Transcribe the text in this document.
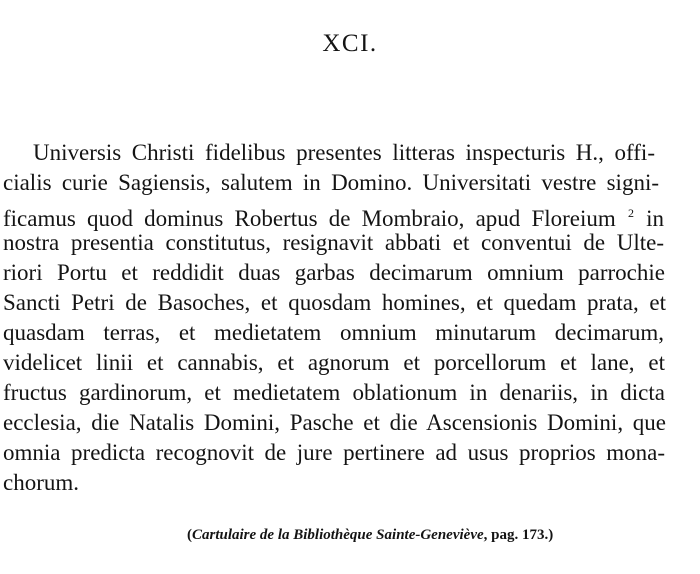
XCI.
Universis Christi fidelibus presentes litteras inspecturis H., offi-
cialis curie Sagiensis, salutem in Domino. Universitati vestre signi-
ficamus quod dominus Robertus de Mombraio, apud Floreium $^2$ in
nostra presentia constitutus, resignavit abbati et conventui de Ulte-
riori Portu et reddidit duas garbas decimarum omnium parrochie
Sancti Petri de Basoches, et quosdam homines, et quedam prata, et
quasdam terras, et medietatem omnium minutarum decimarum,
videlicet linii et cannabis, et agnorum et porcellorum et lane, et
fructus gardinorum, et medietatem oblationum in denariis, in dicta
ecclesia, die Natalis Domini, Pasche et die Ascensionis Domini, que
omnia predicta recognovit de jure pertinere ad usus proprios mona-
chorum.

(Cartulaire de la Bibliothèque Sainte-Geneviève, pag. 173.)
